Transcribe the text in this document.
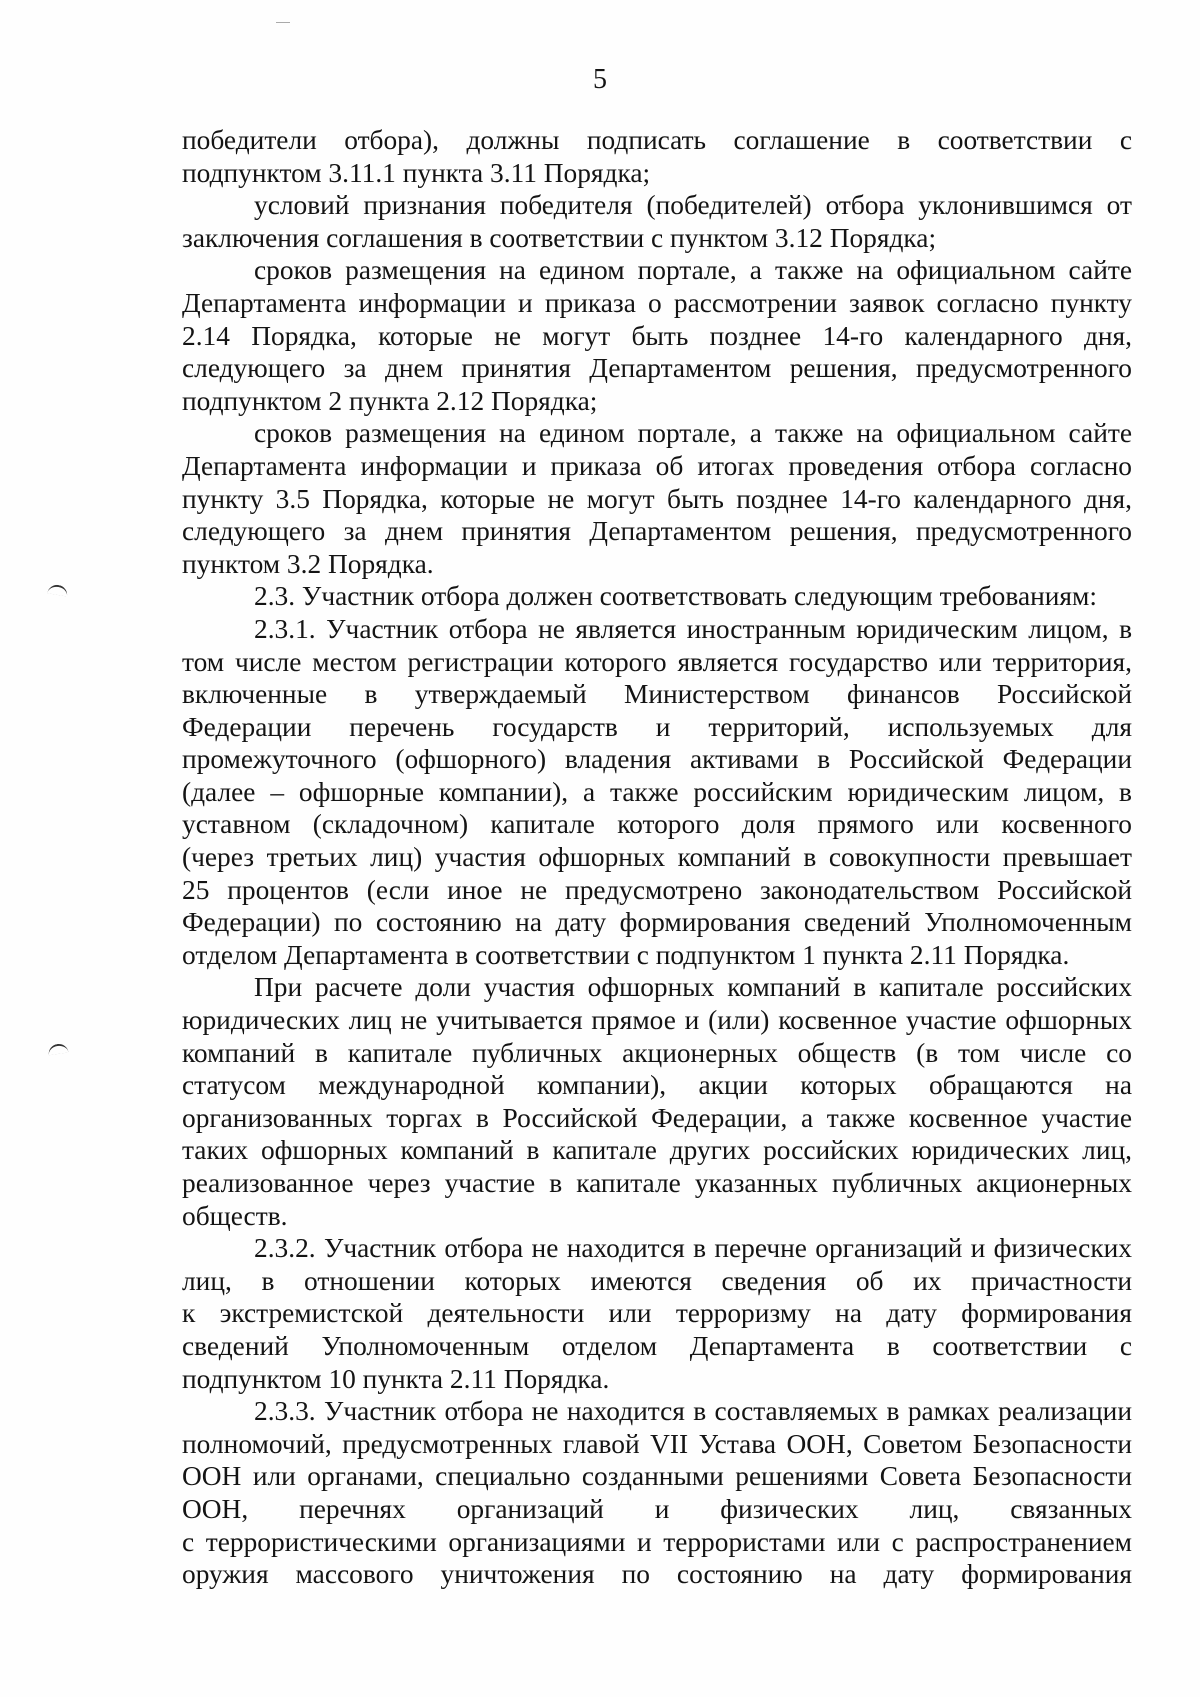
5
победители отбора), должны подписать соглашение в соответствии с
подпунктом 3.11.1 пункта 3.11 Порядка;
условий признания победителя (победителей) отбора уклонившимся от
заключения соглашения в соответствии с пунктом 3.12 Порядка;
сроков размещения на едином портале, а также на официальном сайте
Департамента информации и приказа о рассмотрении заявок согласно пункту
2.14 Порядка, которые не могут быть позднее 14-го календарного дня,
следующего за днем принятия Департаментом решения, предусмотренного
подпунктом 2 пункта 2.12 Порядка;
сроков размещения на едином портале, а также на официальном сайте
Департамента информации и приказа об итогах проведения отбора согласно
пункту 3.5 Порядка, которые не могут быть позднее 14-го календарного дня,
следующего за днем принятия Департаментом решения, предусмотренного
пунктом 3.2 Порядка.
2.3. Участник отбора должен соответствовать следующим требованиям:
2.3.1. Участник отбора не является иностранным юридическим лицом, в
том числе местом регистрации которого является государство или территория,
включенные в утверждаемый Министерством финансов Российской
Федерации перечень государств и территорий, используемых для
промежуточного (офшорного) владения активами в Российской Федерации
(далее – офшорные компании), а также российским юридическим лицом, в
уставном (складочном) капитале которого доля прямого или косвенного
(через третьих лиц) участия офшорных компаний в совокупности превышает
25 процентов (если иное не предусмотрено законодательством Российской
Федерации) по состоянию на дату формирования сведений Уполномоченным
отделом Департамента в соответствии с подпунктом 1 пункта 2.11 Порядка.
При расчете доли участия офшорных компаний в капитале российских
юридических лиц не учитывается прямое и (или) косвенное участие офшорных
компаний в капитале публичных акционерных обществ (в том числе со
статусом международной компании), акции которых обращаются на
организованных торгах в Российской Федерации, а также косвенное участие
таких офшорных компаний в капитале других российских юридических лиц,
реализованное через участие в капитале указанных публичных акционерных
обществ.
2.3.2. Участник отбора не находится в перечне организаций и физических
лиц, в отношении которых имеются сведения об их причастности
к экстремистской деятельности или терроризму на дату формирования
сведений Уполномоченным отделом Департамента в соответствии с
подпунктом 10 пункта 2.11 Порядка.
2.3.3. Участник отбора не находится в составляемых в рамках реализации
полномочий, предусмотренных главой VII Устава ООН, Советом Безопасности
ООН или органами, специально созданными решениями Совета Безопасности
ООН, перечнях организаций и физических лиц, связанных
с террористическими организациями и террористами или с распространением
оружия массового уничтожения по состоянию на дату формирования
